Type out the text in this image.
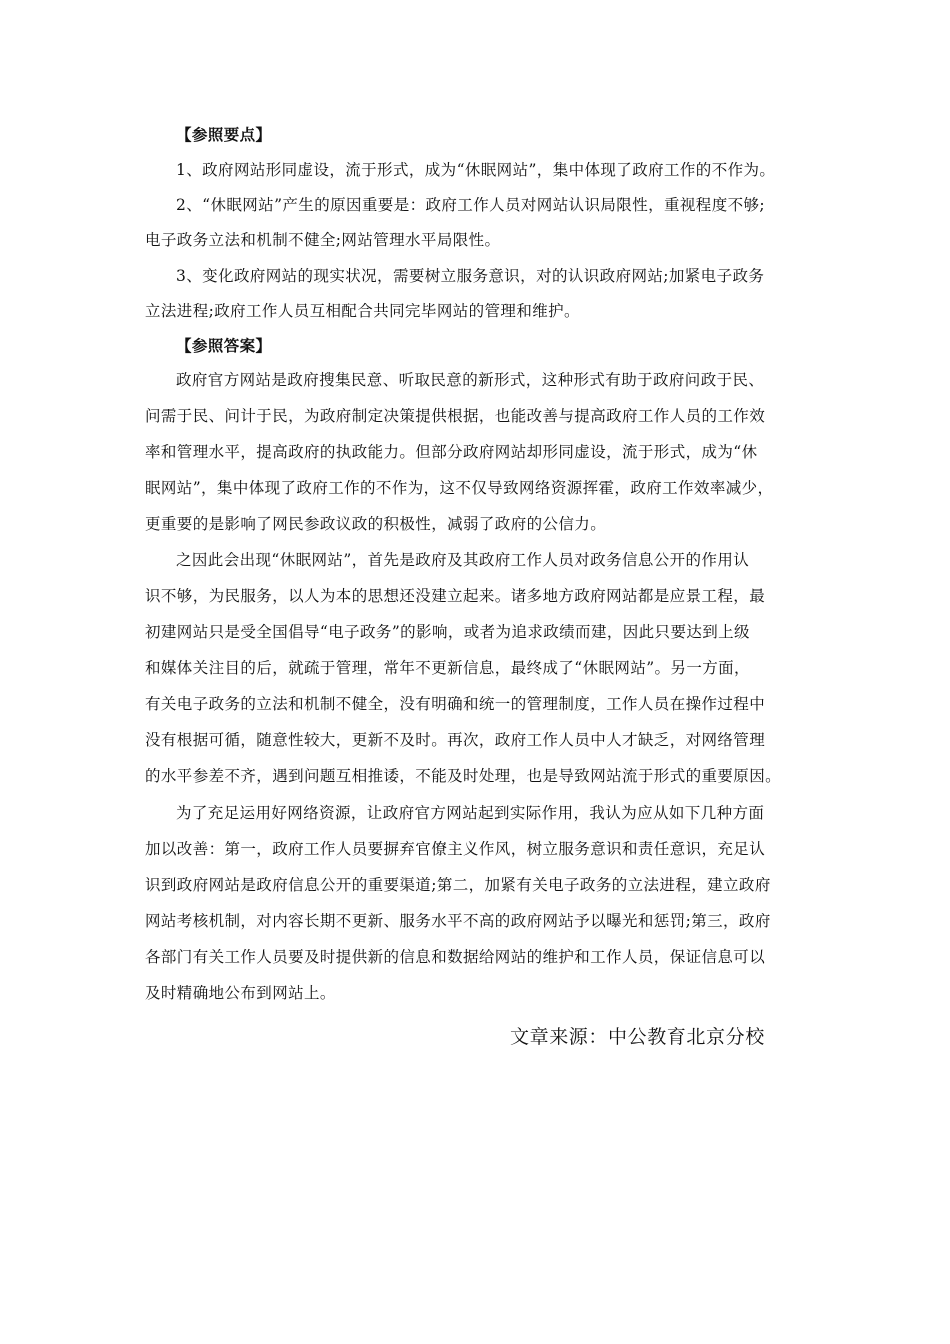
【参照要点】
1、政府网站形同虚设，流于形式，成为“休眠网站”，集中体现了政府工作的不作为。
2、“休眠网站”产生的原因重要是：政府工作人员对网站认识局限性，重视程度不够;
电子政务立法和机制不健全;网站管理水平局限性。
3、变化政府网站的现实状况，需要树立服务意识，对的认识政府网站;加紧电子政务
立法进程;政府工作人员互相配合共同完毕网站的管理和维护。
【参照答案】
政府官方网站是政府搜集民意、听取民意的新形式，这种形式有助于政府问政于民、
问需于民、问计于民，为政府制定决策提供根据，也能改善与提高政府工作人员的工作效
率和管理水平，提高政府的执政能力。但部分政府网站却形同虚设，流于形式，成为“休
眠网站”，集中体现了政府工作的不作为，这不仅导致网络资源挥霍，政府工作效率减少，
更重要的是影响了网民参政议政的积极性，减弱了政府的公信力。
之因此会出现“休眠网站”，首先是政府及其政府工作人员对政务信息公开的作用认
识不够，为民服务，以人为本的思想还没建立起来。诸多地方政府网站都是应景工程，最
初建网站只是受全国倡导“电子政务”的影响，或者为追求政绩而建，因此只要达到上级
和媒体关注目的后，就疏于管理，常年不更新信息，最终成了“休眠网站”。另一方面，
有关电子政务的立法和机制不健全，没有明确和统一的管理制度，工作人员在操作过程中
没有根据可循，随意性较大，更新不及时。再次，政府工作人员中人才缺乏，对网络管理
的水平参差不齐，遇到问题互相推诿，不能及时处理，也是导致网站流于形式的重要原因。
为了充足运用好网络资源，让政府官方网站起到实际作用，我认为应从如下几种方面
加以改善：第一，政府工作人员要摒弃官僚主义作风，树立服务意识和责任意识，充足认
识到政府网站是政府信息公开的重要渠道;第二，加紧有关电子政务的立法进程，建立政府
网站考核机制，对内容长期不更新、服务水平不高的政府网站予以曝光和惩罚;第三，政府
各部门有关工作人员要及时提供新的信息和数据给网站的维护和工作人员，保证信息可以
及时精确地公布到网站上。
文章来源：中公教育北京分校
